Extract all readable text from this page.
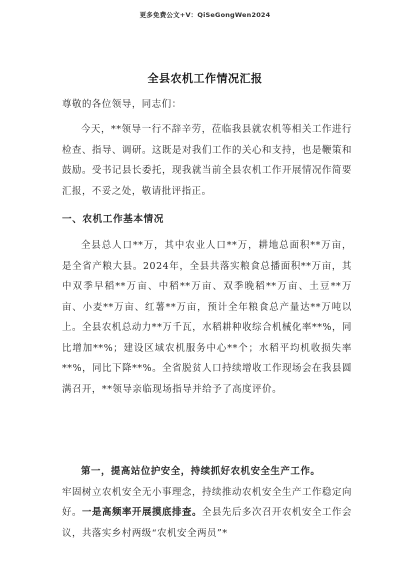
更多免费公文+V：QiSeGongWen2024
全县农机工作情况汇报

尊敬的各位领导，同志们：

今天，**领导一行不辞辛劳，莅临我县就农机等相关工作进行检查、指导、调研。这既是对我们工作的关心和支持，也是鞭策和鼓励。受书记县长委托，现我就当前全县农机工作开展情况作简要汇报，不妥之处，敬请批评指正。

一、农机工作基本情况

全县总人口**万，其中农业人口**万，耕地总面积**万亩，是全省产粮大县。2024年，全县共落实粮食总播面积**万亩，其中双季早稻**万亩、中稻**万亩、双季晚稻**万亩、土豆**万亩、小麦**万亩、红薯**万亩，预计全年粮食总产量达**万吨以上。全县农机总动力**万千瓦，水稻耕种收综合机械化率**%，同比增加**%；建设区域农机服务中心**个；水稻平均机收损失率**%，同比下降**%。全省脱贫人口持续增收工作现场会在我县圆满召开，**领导亲临现场指导并给予了高度评价。

第一，提高站位护安全，持续抓好农机安全生产工作。

牢固树立农机安全无小事理念，持续推动农机安全生产工作稳定向好。一是高频率开展摸底排查。全县先后多次召开农机安全工作会议，共落实乡村两级“农机安全两员”*
